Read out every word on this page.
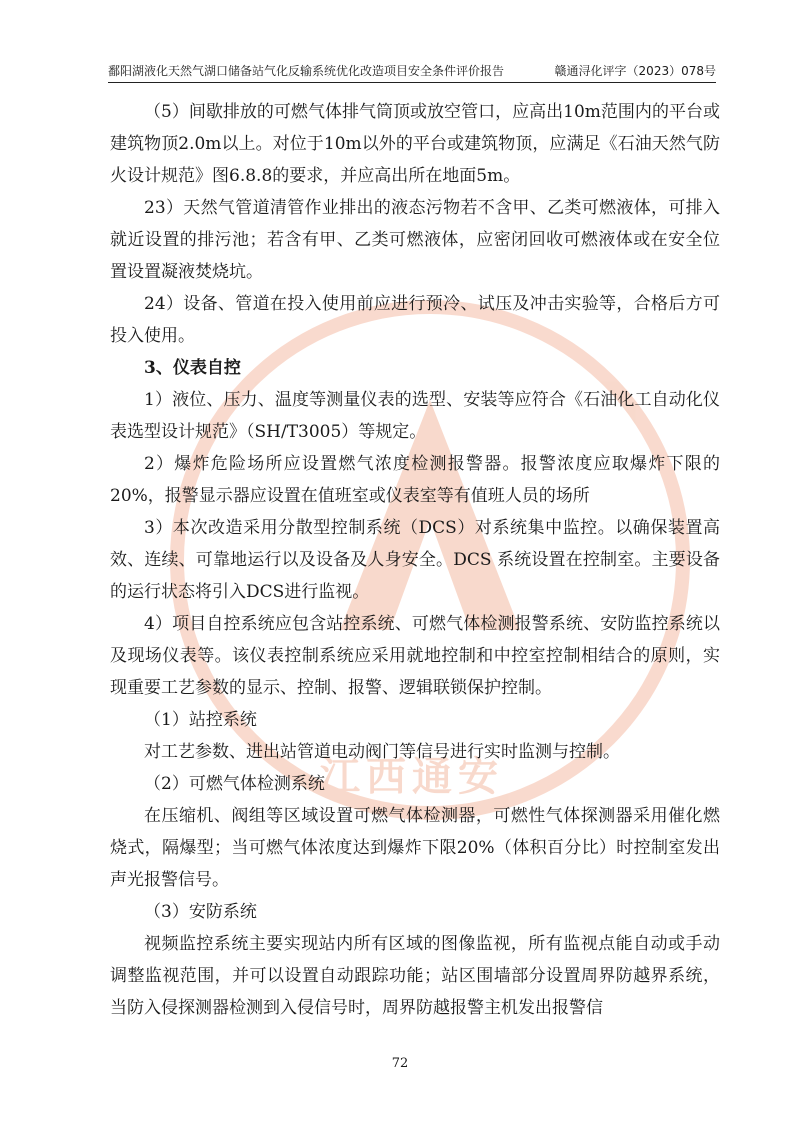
鄱阳湖液化天然气湖口储备站气化反输系统优化改造项目安全条件评价报告	赣通浔化评字（2023）078号
江西通安

（5）间歇排放的可燃气体排气筒顶或放空管口，应高出10m范围内的平台或建筑物顶2.0m以上。对位于10m以外的平台或建筑物顶，应满足《石油天然气防火设计规范》图6.8.8的要求，并应高出所在地面5m。

23）天然气管道清管作业排出的液态污物若不含甲、乙类可燃液体，可排入就近设置的排污池；若含有甲、乙类可燃液体，应密闭回收可燃液体或在安全位置设置凝液焚烧坑。

24）设备、管道在投入使用前应进行预冷、试压及冲击实验等，合格后方可投入使用。

3、仪表自控

1）液位、压力、温度等测量仪表的选型、安装等应符合《石油化工自动化仪表选型设计规范》（SH/T3005）等规定。

2）爆炸危险场所应设置燃气浓度检测报警器。报警浓度应取爆炸下限的20%，报警显示器应设置在值班室或仪表室等有值班人员的场所

3）本次改造采用分散型控制系统（DCS）对系统集中监控。以确保装置高效、连续、可靠地运行以及设备及人身安全。DCS 系统设置在控制室。主要设备的运行状态将引入DCS进行监视。

4）项目自控系统应包含站控系统、可燃气体检测报警系统、安防监控系统以及现场仪表等。该仪表控制系统应采用就地控制和中控室控制相结合的原则，实现重要工艺参数的显示、控制、报警、逻辑联锁保护控制。

（1）站控系统

对工艺参数、进出站管道电动阀门等信号进行实时监测与控制。

（2）可燃气体检测系统

在压缩机、阀组等区域设置可燃气体检测器，可燃性气体探测器采用催化燃烧式，隔爆型；当可燃气体浓度达到爆炸下限20%（体积百分比）时控制室发出声光报警信号。

（3）安防系统

视频监控系统主要实现站内所有区域的图像监视，所有监视点能自动或手动调整监视范围，并可以设置自动跟踪功能；站区围墙部分设置周界防越界系统，当防入侵探测器检测到入侵信号时，周界防越报警主机发出报警信

72
